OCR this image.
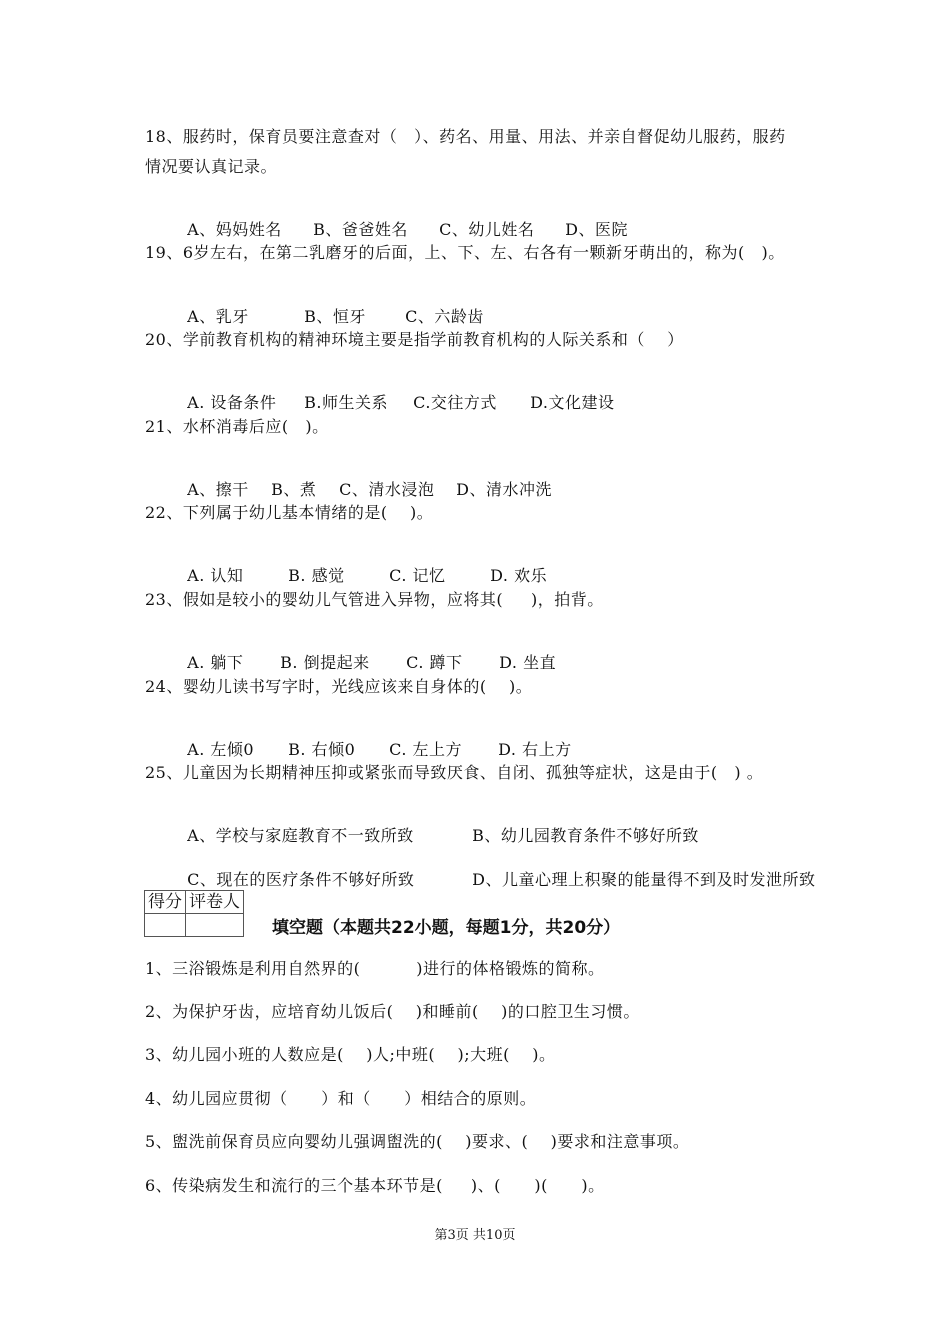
18、服药时，保育员要注意查对（   ）、药名、用量、用法、并亲自督促幼儿服药，服药
情况要认真记录。

A、妈妈姓名 B、爸爸姓名 C、幼儿姓名 D、医院

19、6岁左右，在第二乳磨牙的后面，上、下、左、右各有一颗新牙萌出的，称为(   )。

A、乳牙	B、恒牙 C、六龄齿

20、学前教育机构的精神环境主要是指学前教育机构的人际关系和（    ）

A. 设备条件 B.师生关系 C.交往方式 D.文化建设

21、水杯消毒后应(   )。

A、擦干 B、煮 C、清水浸泡 D、清水冲洗

22、下列属于幼儿基本情绪的是(    )。

A. 认知	B. 感觉	C. 记忆	D. 欢乐

23、假如是较小的婴幼儿气管进入异物，应将其(     )，拍背。

A. 躺下 B. 倒提起来 C. 蹲下 D. 坐直

24、婴幼儿读书写字时，光线应该来自身体的(    )。

A. 左倾0 B. 右倾0 C. 左上方 D. 右上方

25、儿童因为长期精神压抑或紧张而导致厌食、自闭、孤独等症状，这是由于(   ) 。

A、学校与家庭教育不一致所致	B、幼儿园教育条件不够好所致

C、现在的医疗条件不够好所致	D、儿童心理上积聚的能量得不到及时发泄所致

得分	评卷人

填空题（本题共22小题，每题1分，共20分）
1、三浴锻炼是利用自然界的(          )进行的体格锻炼的简称。
2、为保护牙齿，应培育幼儿饭后(    )和睡前(    )的口腔卫生习惯。
3、幼儿园小班的人数应是(    )人;中班(    );大班(    )。
4、幼儿园应贯彻（      ）和（      ）相结合的原则。
5、盥洗前保育员应向婴幼儿强调盥洗的(    )要求、(    )要求和注意事项。
6、传染病发生和流行的三个基本环节是(     )、(      )(      )。
第3页 共10页
